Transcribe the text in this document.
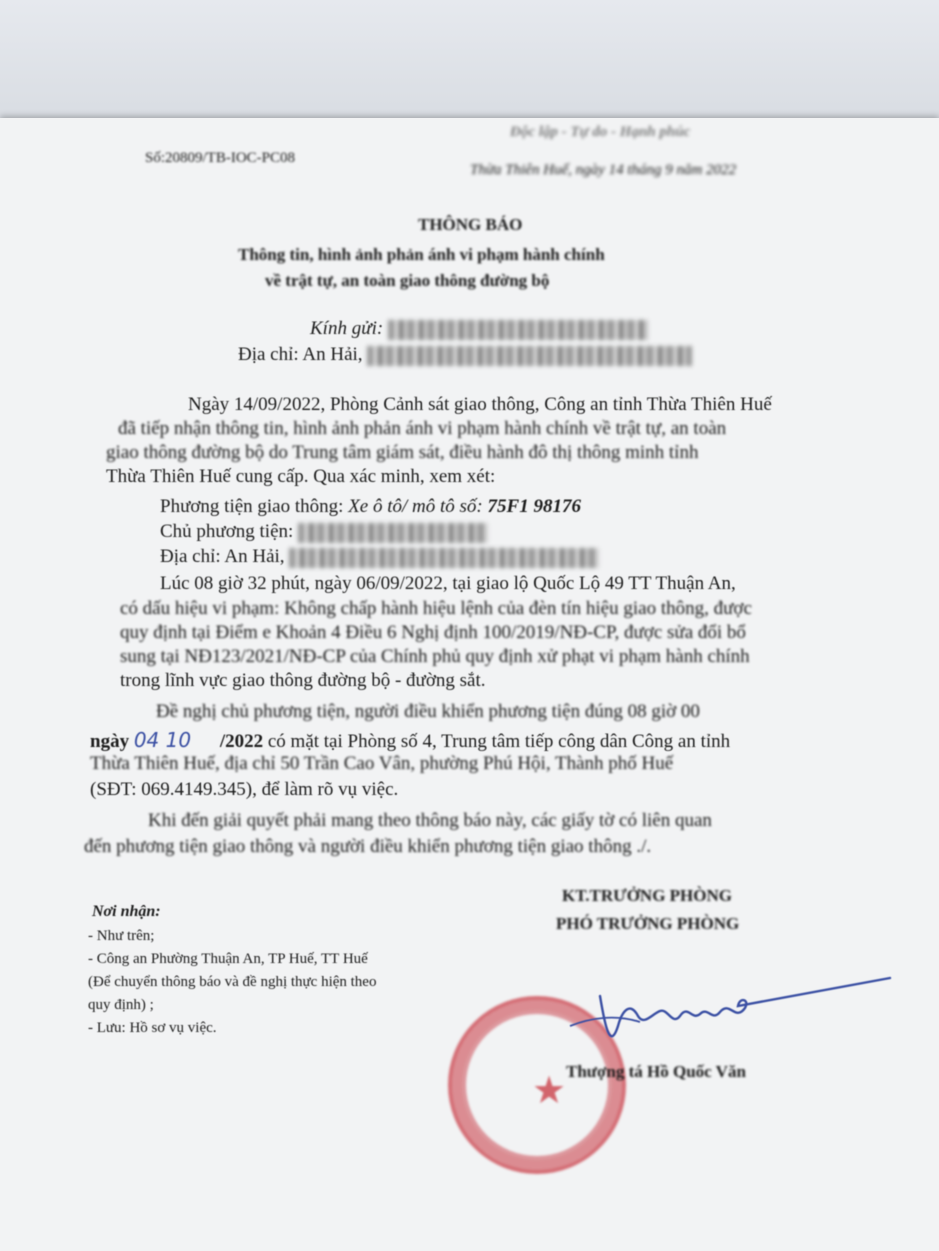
Số:20809/TB-IOC-PC08
Độc lập - Tự do - Hạnh phúc
Thừa Thiên Huế, ngày 14 tháng 9 năm 2022
THÔNG BÁO
Thông tin, hình ảnh phản ánh vi phạm hành chính
về trật tự, an toàn giao thông đường bộ
Kính gửi:
Địa chỉ: An Hải,
Ngày 14/09/2022, Phòng Cảnh sát giao thông, Công an tỉnh Thừa Thiên Huế
đã tiếp nhận thông tin, hình ảnh phản ánh vi phạm hành chính về trật tự, an toàn
giao thông đường bộ do Trung tâm giám sát, điều hành đô thị thông minh tỉnh
Thừa Thiên Huế cung cấp. Qua xác minh, xem xét:
Phương tiện giao thông: Xe ô tô/ mô tô số: 75F1 98176
Chủ phương tiện:
Địa chỉ: An Hải,
Lúc 08 giờ 32 phút, ngày 06/09/2022, tại giao lộ Quốc Lộ 49 TT Thuận An,
có dấu hiệu vi phạm: Không chấp hành hiệu lệnh của đèn tín hiệu giao thông, được
quy định tại Điểm e Khoản 4 Điều 6 Nghị định 100/2019/NĐ-CP, được sửa đổi bổ
sung tại NĐ123/2021/NĐ-CP của Chính phủ quy định xử phạt vi phạm hành chính
trong lĩnh vực giao thông đường bộ - đường sắt.
Đề nghị chủ phương tiện, người điều khiển phương tiện đúng 08 giờ 00
ngày 04 10 /2022 có mặt tại Phòng số 4, Trung tâm tiếp công dân Công an tỉnh
Thừa Thiên Huế, địa chỉ 50 Trần Cao Vân, phường Phú Hội, Thành phố Huế
(SĐT: 069.4149.345), để làm rõ vụ việc.
Khi đến giải quyết phải mang theo thông báo này, các giấy tờ có liên quan
đến phương tiện giao thông và người điều khiển phương tiện giao thông ./.
★
Nơi nhận:
- Như trên;
- Công an Phường Thuận An, TP Huế, TT Huế
(Để chuyển thông báo và đề nghị thực hiện theo
quy định) ;
- Lưu: Hồ sơ vụ việc.
KT.TRƯỞNG PHÒNG
PHÓ TRƯỞNG PHÒNG
Thượng tá Hồ Quốc Văn
